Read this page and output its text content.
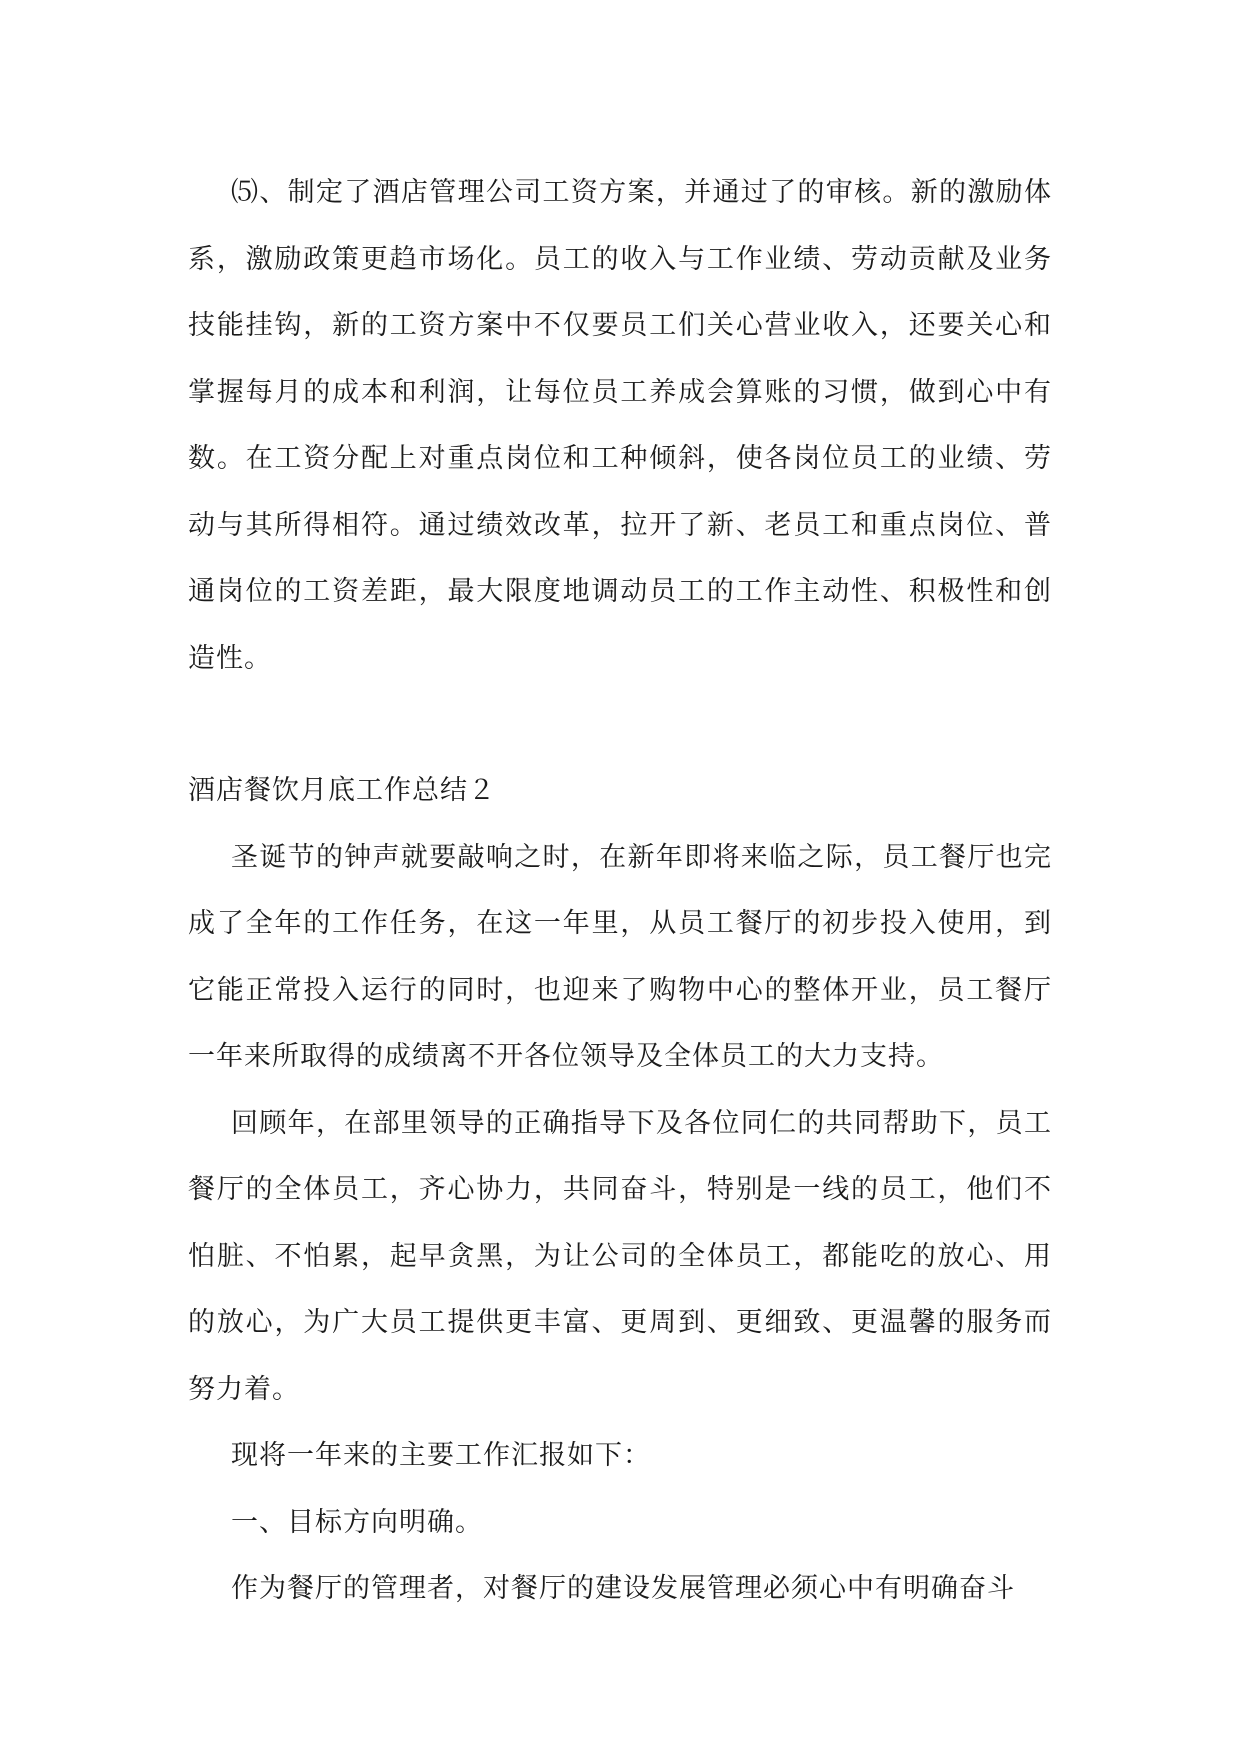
⑸、制定了酒店管理公司工资方案，并通过了的审核。新的激励体系，激励政策更趋市场化。员工的收入与工作业绩、劳动贡献及业务技能挂钩，新的工资方案中不仅要员工们关心营业收入，还要关心和掌握每月的成本和利润，让每位员工养成会算账的习惯，做到心中有数。在工资分配上对重点岗位和工种倾斜，使各岗位员工的业绩、劳动与其所得相符。通过绩效改革，拉开了新、老员工和重点岗位、普通岗位的工资差距，最大限度地调动员工的工作主动性、积极性和创造性。

酒店餐饮月底工作总结２

圣诞节的钟声就要敲响之时，在新年即将来临之际，员工餐厅也完成了全年的工作任务，在这一年里，从员工餐厅的初步投入使用，到它能正常投入运行的同时，也迎来了购物中心的整体开业，员工餐厅一年来所取得的成绩离不开各位领导及全体员工的大力支持。

回顾年，在部里领导的正确指导下及各位同仁的共同帮助下，员工餐厅的全体员工，齐心协力，共同奋斗，特别是一线的员工，他们不怕脏、不怕累，起早贪黑，为让公司的全体员工，都能吃的放心、用的放心，为广大员工提供更丰富、更周到、更细致、更温馨的服务而努力着。

现将一年来的主要工作汇报如下：

一、目标方向明确。

作为餐厅的管理者，对餐厅的建设发展管理必须心中有明确奋斗
